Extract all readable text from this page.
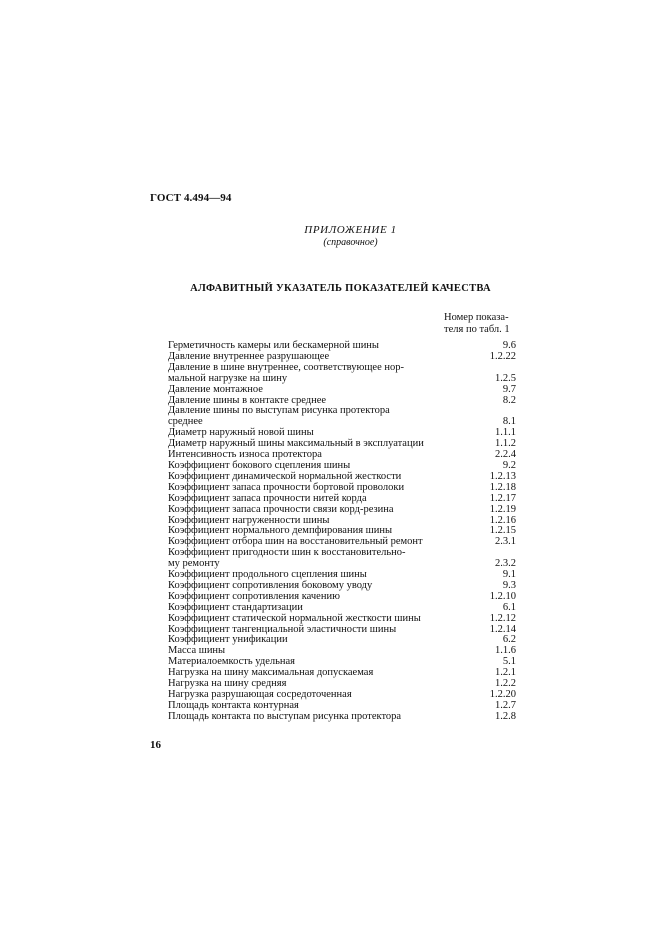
ГОСТ 4.494—94
ПРИЛОЖЕНИЕ 1
(справочное)
АЛФАВИТНЫЙ УКАЗАТЕЛЬ ПОКАЗАТЕЛЕЙ КАЧЕСТВА
Номер показа-
теля по табл. 1
Герметичность камеры или бескамерной шины	9.6
Давление внутреннее разрушающее	1.2.22
Давление в шине внутреннее, соответствующее нор-
мальной нагрузке на шину	1.2.5
Давление монтажное	9.7
Давление шины в контакте среднее	8.2
Давление шины по выступам рисунка протектора
среднее	8.1
Диаметр наружный новой шины	1.1.1
Диаметр наружный шины максимальный в эксплуатации	1.1.2
Интенсивность износа протектора	2.2.4
Коэффициент бокового сцепления шины	9.2
Коэффициент динамической нормальной жесткости	1.2.13
Коэффициент запаса прочности бортовой проволоки	1.2.18
Коэффициент запаса прочности нитей корда	1.2.17
Коэффициент запаса прочности связи корд-резина	1.2.19
Коэффициент нагруженности шины	1.2.16
Коэффициент нормального демпфирования шины	1.2.15
Коэффициент отбора шин на восстановительный ремонт	2.3.1
Коэффициент пригодности шин к восстановительно-
му ремонту	2.3.2
Коэффициент продольного сцепления шины	9.1
Коэффициент сопротивления боковому уводу	9.3
Коэффициент сопротивления качению	1.2.10
Коэффициент стандартизации	6.1
Коэффициент статической нормальной жесткости шины	1.2.12
Коэффициент тангенциальной эластичности шины	1.2.14
Коэффициент унификации	6.2
Масса шины	1.1.6
Материалоемкость удельная	5.1
Нагрузка на шину максимальная допускаемая	1.2.1
Нагрузка на шину средняя	1.2.2
Нагрузка разрушающая сосредоточенная	1.2.20
Площадь контакта контурная	1.2.7
Площадь контакта по выступам рисунка протектора	1.2.8
16
